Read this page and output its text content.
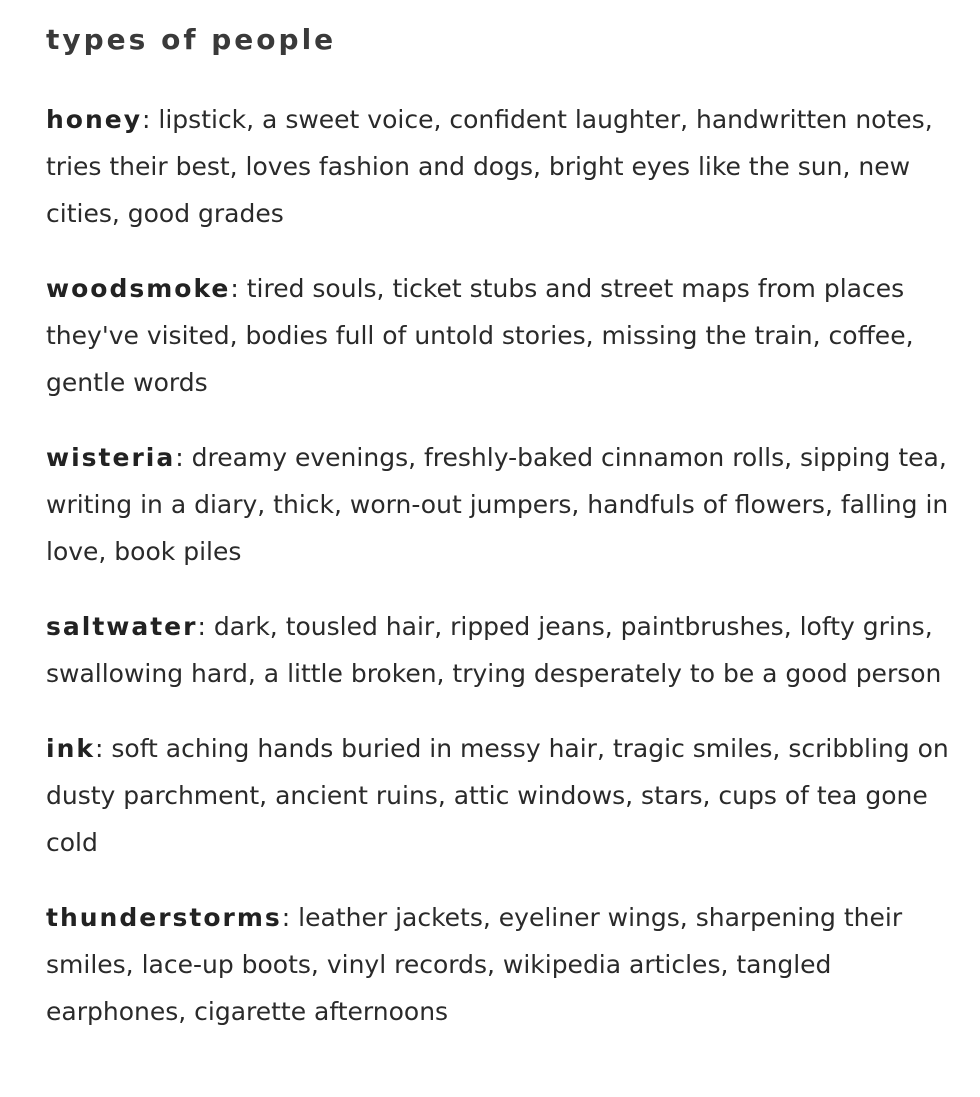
types of people
honey: lipstick, a sweet voice, confident laughter, handwritten notes, tries their best, loves fashion and dogs, bright eyes like the sun, new cities, good grades
woodsmoke: tired souls, ticket stubs and street maps from places they've visited, bodies full of untold stories, missing the train, coffee, gentle words
wisteria: dreamy evenings, freshly-baked cinnamon rolls, sipping tea, writing in a diary, thick, worn-out jumpers, handfuls of flowers, falling in love, book piles
saltwater: dark, tousled hair, ripped jeans, paintbrushes, lofty grins, swallowing hard, a little broken, trying desperately to be a good person
ink: soft aching hands buried in messy hair, tragic smiles, scribbling on dusty parchment, ancient ruins, attic windows, stars, cups of tea gone cold
thunderstorms: leather jackets, eyeliner wings, sharpening their smiles, lace-up boots, vinyl records, wikipedia articles, tangled earphones, cigarette afternoons
